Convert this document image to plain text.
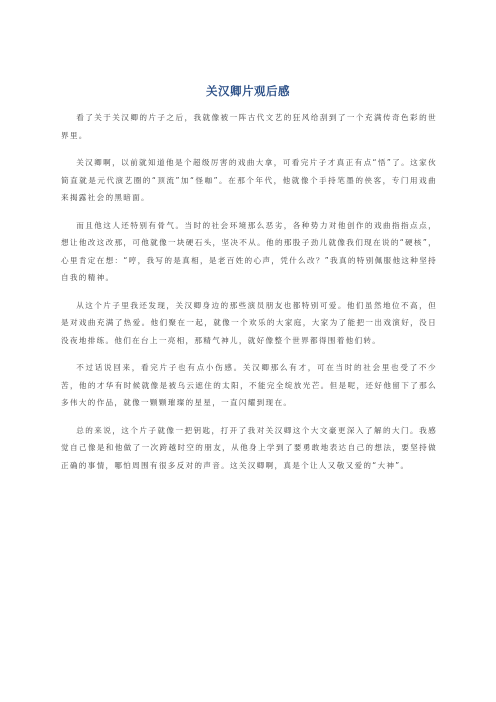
关汉卿片观后感

看了关于关汉卿的片子之后，我就像被一阵古代文艺的狂风给刮到了一个充满传奇色彩的世界里。

关汉卿啊，以前就知道他是个超级厉害的戏曲大拿，可看完片子才真正有点“悟”了。这家伙简直就是元代演艺圈的“顶流”加“怪咖”。在那个年代，他就像个手持笔墨的侠客，专门用戏曲来揭露社会的黑暗面。

而且他这人还特别有骨气。当时的社会环境那么恶劣，各种势力对他创作的戏曲指指点点，想让他改这改那，可他就像一块硬石头，坚决不从。他的那股子劲儿就像我们现在说的“硬核”，心里肯定在想：“哼，我写的是真相，是老百姓的心声，凭什么改？”我真的特别佩服他这种坚持自我的精神。

从这个片子里我还发现，关汉卿身边的那些演员朋友也都特别可爱。他们虽然地位不高，但是对戏曲充满了热爱。他们聚在一起，就像一个欢乐的大家庭，大家为了能把一出戏演好，没日没夜地排练。他们在台上一亮相，那精气神儿，就好像整个世界都得围着他们转。

不过话说回来，看完片子也有点小伤感。关汉卿那么有才，可在当时的社会里也受了不少苦，他的才华有时候就像是被乌云遮住的太阳，不能完全绽放光芒。但是呢，还好他留下了那么多伟大的作品，就像一颗颗璀璨的星星，一直闪耀到现在。

总的来说，这个片子就像一把钥匙，打开了我对关汉卿这个大文豪更深入了解的大门。我感觉自己像是和他做了一次跨越时空的朋友，从他身上学到了要勇敢地表达自己的想法，要坚持做正确的事情，哪怕周围有很多反对的声音。这关汉卿啊，真是个让人又敬又爱的“大神”。
